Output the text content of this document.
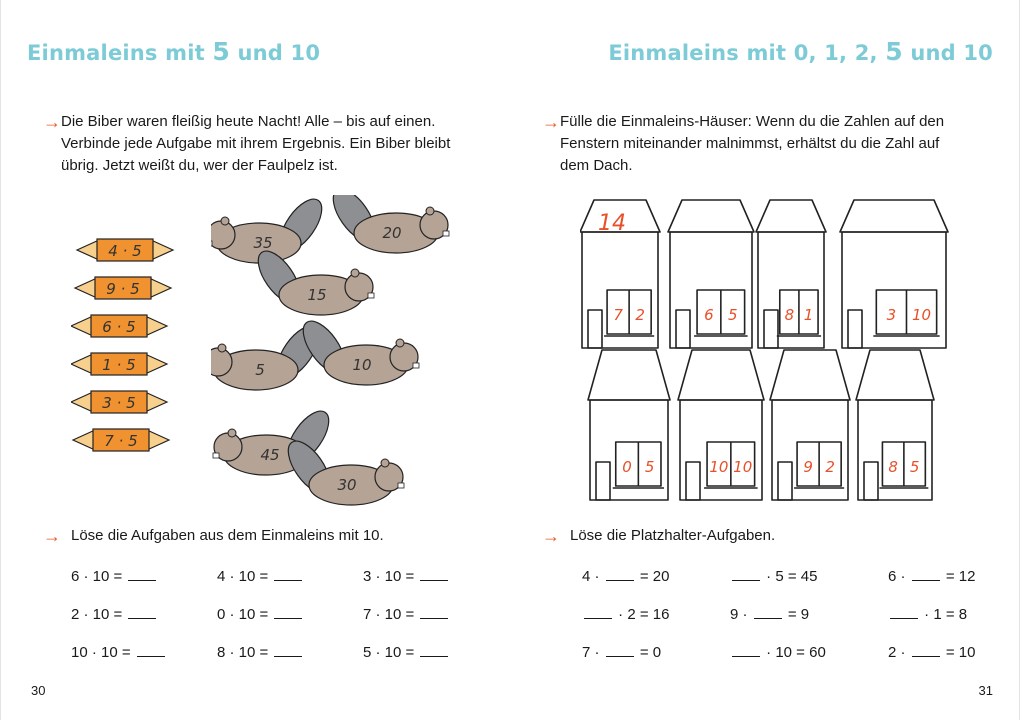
Einmaleins mit 5 und 10
→ Die Biber waren fleißig heute Nacht! Alle – bis auf einen. Verbinde jede Aufgabe mit ihrem Ergebnis. Ein Biber bleibt übrig. Jetzt weißt du, wer der Faulpelz ist.
4 · 5
9 · 5
6 · 5
1 · 5
3 · 5
7 · 5
35
20
15
5	10
45
30
→ Löse die Aufgaben aus dem Einmaleins mit 10.
6 · 10 =	4 · 10 =	3 · 10 =
2 · 10 =	0 · 10 =	7 · 10 =
10 · 10 =	8 · 10 =	5 · 10 =
30
Einmaleins mit 0, 1, 2, 5 und 10
→ Fülle die Einmaleins-Häuser: Wenn du die Zahlen auf den Fenstern miteinander malnimmst, erhältst du die Zahl auf dem Dach.
7 2
14
6 5	8 1	3 10
0 5	10 10	9 2	8 5
→ Löse die Platzhalter-Aufgaben.
4 ·  = 20	· 5 = 45	6 ·  = 12
· 2 = 16	9 ·  = 9	· 1 = 8
7 ·  = 0	· 10 = 60	2 ·  = 10
31
